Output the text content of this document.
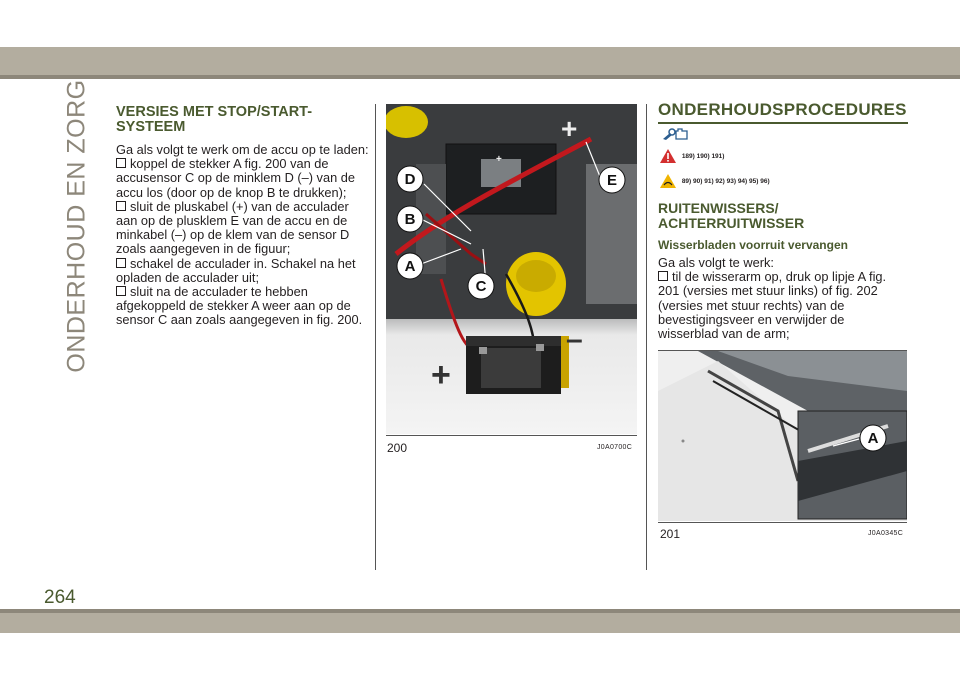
ONDERHOUD EN ZORG VERSIES MET STOP/START-SYSTEEM

Ga als volgt te werk om de accu op te laden:

koppel de stekker A fig. 200 van de accusensor C op de minklem D (–) van de accu los (door op de knop B te drukken);

sluit de pluskabel (+) van de acculader aan op de plusklem E van de accu en de minkabel (–) op de klem van de sensor D zoals aangegeven in de figuur;

schakel de acculader in. Schakel na het opladen de acculader uit;

sluit na de acculader te hebben afgekoppeld de stekker A weer aan op de sensor C aan zoals aangegeven in fig. 200.

+
+
+
–
D
B
A
C
E
200	J0A0700C
ONDERHOUDSPROCEDURES
189) 190) 191)
89) 90) 91) 92) 93) 94) 95) 96)
RUITENWISSERS/ ACHTERRUITWISSER
Wisserbladen voorruit vervangen

Ga als volgt te werk:

til de wisserarm op, druk op lipje A fig. 201 (versies met stuur links) of fig. 202 (versies met stuur rechts) van de bevestigingsveer en verwijder de wisserblad van de arm;

A
201	J0A0345C
264
